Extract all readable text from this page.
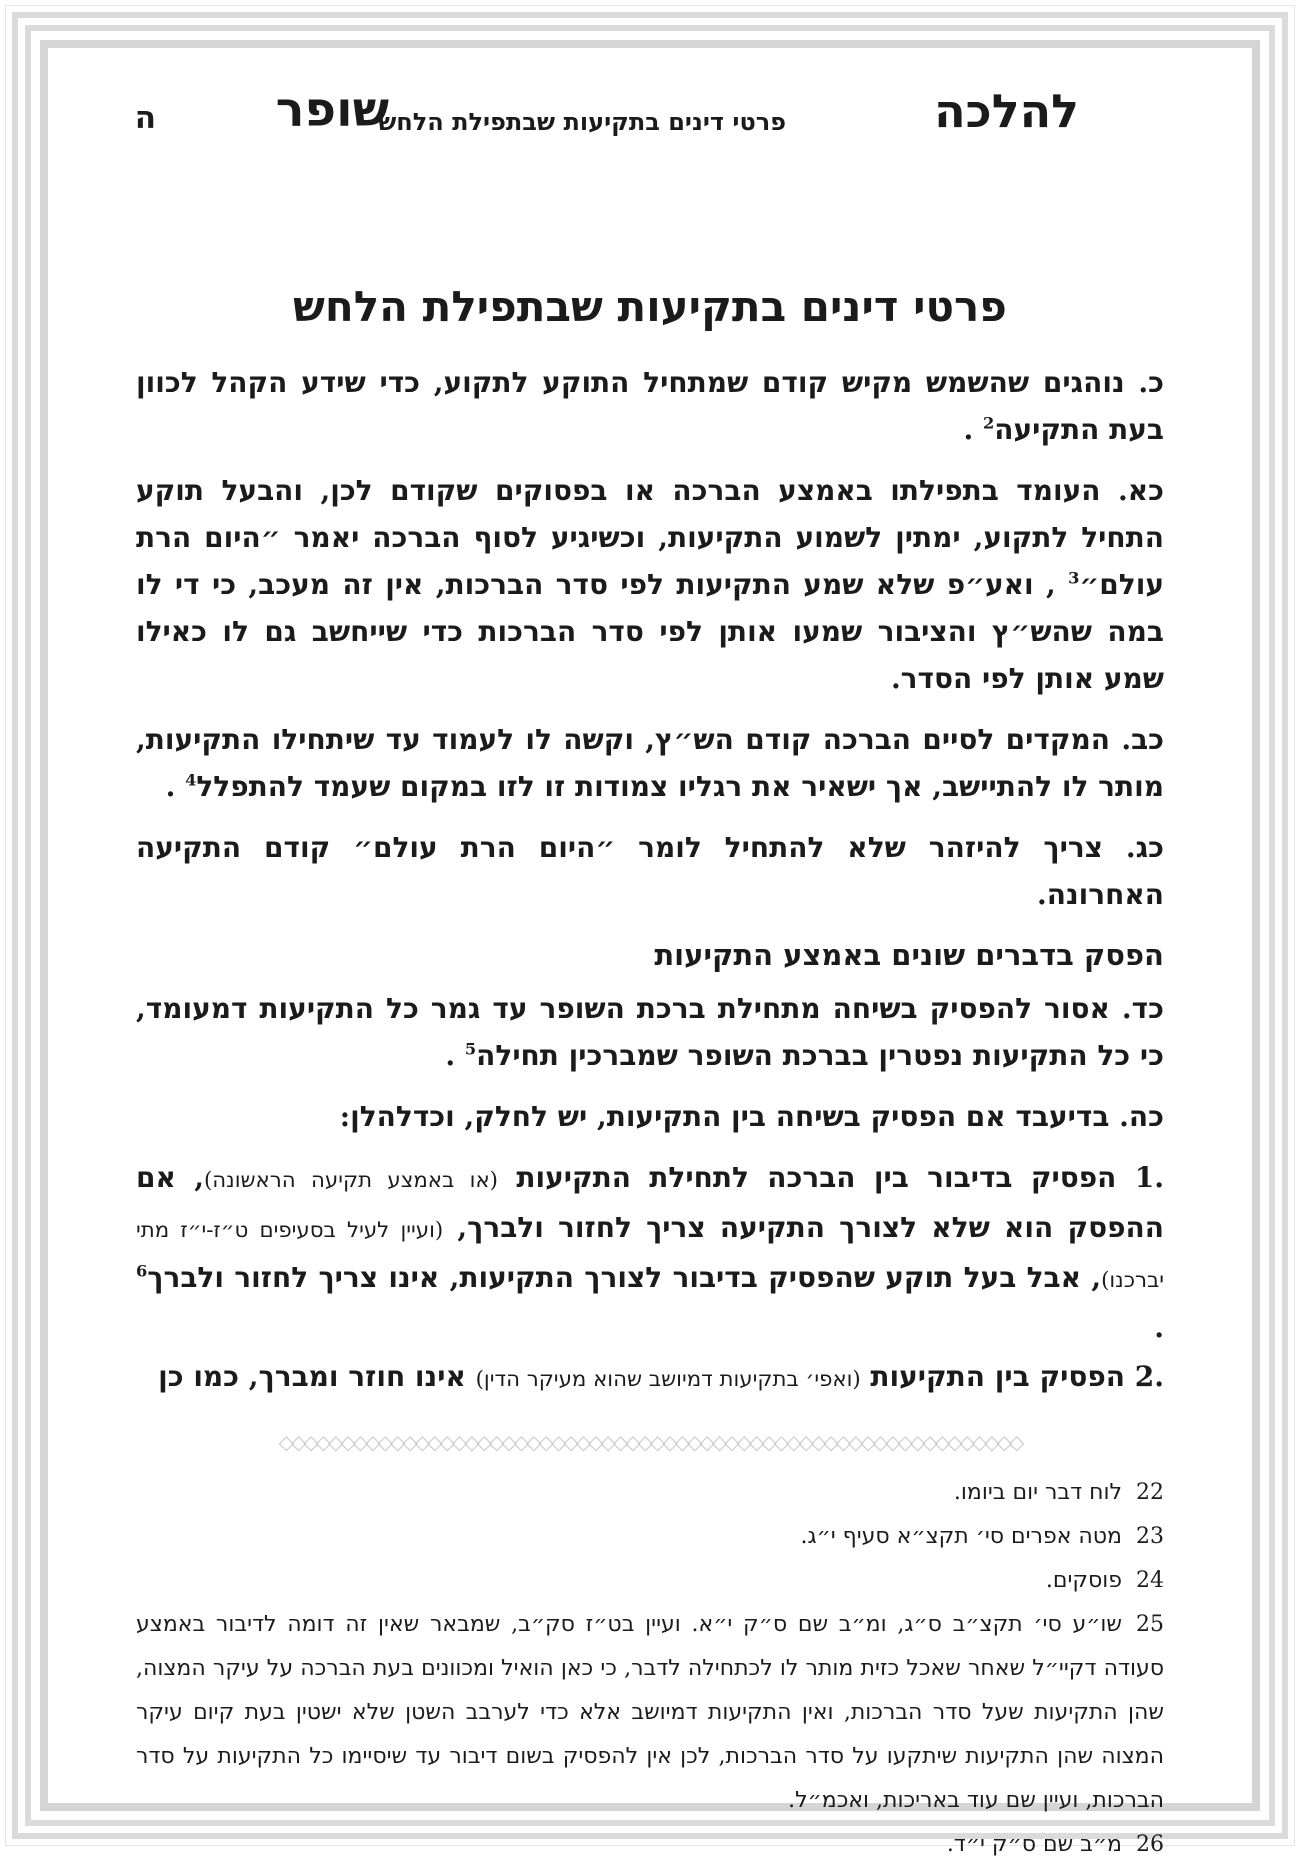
להלכה
פרטי דינים בתקיעות שבתפילת הלחש
שופר
ה
פרטי דינים בתקיעות שבתפילת הלחש
כ. נוהגים שהשמש מקיש קודם שמתחיל התוקע לתקוע, כדי שידע הקהל לכוון בעת התקיעה$^2$ .
כא. העומד בתפילתו באמצע הברכה או בפסוקים שקודם לכן, והבעל תוקע התחיל לתקוע, ימתין לשמוע התקיעות, וכשיגיע לסוף הברכה יאמר ״היום הרת עולם״$^3$ , ואע״פ שלא שמע התקיעות לפי סדר הברכות, אין זה מעכב, כי די לו במה שהש״ץ והציבור שמעו אותן לפי סדר הברכות כדי שייחשב גם לו כאילו שמע אותן לפי הסדר.
כב. המקדים לסיים הברכה קודם הש״ץ, וקשה לו לעמוד עד שיתחילו התקיעות, מותר לו להתיישב, אך ישאיר את רגליו צמודות זו לזו במקום שעמד להתפלל$^4$ .
כג. צריך להיזהר שלא להתחיל לומר ״היום הרת עולם״ קודם התקיעה האחרונה.
הפסק בדברים שונים באמצע התקיעות
כד. אסור להפסיק בשיחה מתחילת ברכת השופר עד גמר כל התקיעות דמעומד, כי כל התקיעות נפטרין בברכת השופר שמברכין תחילה$^5$ .
כה. בדיעבד אם הפסיק בשיחה בין התקיעות, יש לחלק, וכדלהלן:
1. הפסיק בדיבור בין הברכה לתחילת התקיעות (או באמצע תקיעה הראשונה), אם ההפסק הוא שלא לצורך התקיעה צריך לחזור ולברך, (ועיין לעיל בסעיפים ט״ז-י״ז מתי יברכנו), אבל בעל תוקע שהפסיק בדיבור לצורך התקיעות, אינו צריך לחזור ולברך$^6$ .
2. הפסיק בין התקיעות (ואפי׳ בתקיעות דמיושב שהוא מעיקר הדין) אינו חוזר ומברך, כמו כן
◇◇◇◇◇◇◇◇◇◇◇◇◇◇◇◇◇◇◇◇◇◇◇◇◇◇◇◇◇◇◇◇◇◇◇◇◇◇◇◇◇◇◇◇◇◇◇◇◇◇◇◇◇◇◇◇◇◇◇◇
22לוח דבר יום ביומו.
23מטה אפרים סי׳ תקצ״א סעיף י״ג.
24פוסקים.
25שו״ע סי׳ תקצ״ב ס״ג, ומ״ב שם ס״ק י״א. ועיין בט״ז סק״ב, שמבאר שאין זה דומה לדיבור באמצע סעודה דקיי״ל שאחר שאכל כזית מותר לו לכתחילה לדבר, כי כאן הואיל ומכוונים בעת הברכה על עיקר המצוה, שהן התקיעות שעל סדר הברכות, ואין התקיעות דמיושב אלא כדי לערבב השטן שלא ישטין בעת קיום עיקר המצוה שהן התקיעות שיתקעו על סדר הברכות, לכן אין להפסיק בשום דיבור עד שיסיימו כל התקיעות על סדר הברכות, ועיין שם עוד באריכות, ואכמ״ל.
26מ״ב שם ס״ק י״ד.
